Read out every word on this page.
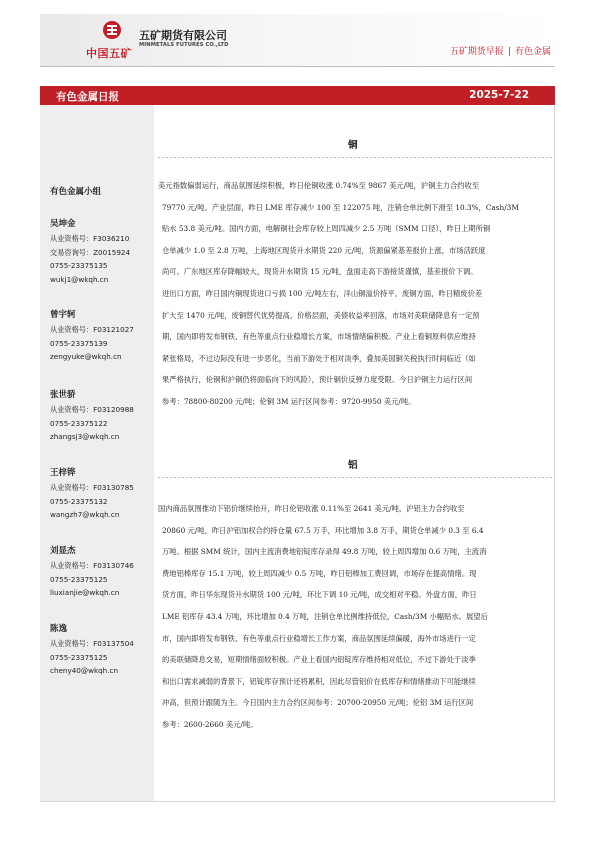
中国五矿
五矿期货有限公司
MINMETALS FUTURES CO.,LTD
五矿期货早报 | 有色金属
有色金属日报	2025-7-22
有色金属小组
吴坤金
从业资格号：F3036210
交易咨询号：Z0015924
0755-23375135
wukj1@wkqh.cn
曾宇轲
从业资格号：F03121027
0755-23375139
zengyuke@wkqh.cn
张世骄
从业资格号：F03120988
0755-23375122
zhangsj3@wkqh.cn
王梓铧
从业资格号：F03130785
0755-23375132
wangzh7@wkqh.cn
刘显杰
从业资格号：F03130746
0755-23375125
liuxianjie@wkqh.cn
陈逸
从业资格号：F03137504
0755-23375125
cheny40@wkqh.cn
铜
美元指数偏弱运行，商品氛围延续积极，昨日伦铜收涨 0.74%至 9867 美元/吨，沪铜主力合约收至
79770 元/吨。产业层面，昨日 LME 库存减少 100 至 122075 吨，注销仓单比例下滑至 10.3%，Cash/3M
贴水 53.8 美元/吨。国内方面，电解铜社会库存较上周四减少 2.5 万吨（SMM 口径），昨日上期所铜
仓单减少 1.0 至 2.8 万吨，上海地区现货升水期货 220 元/吨，货源偏紧基差报价上涨，市场活跃度
尚可。广东地区库存降幅较大，现货升水期货 15 元/吨，盘面走高下游接货谨慎，基差报价下调。
进出口方面，昨日国内铜现货进口亏损 100 元/吨左右，洋山铜溢价持平。废铜方面，昨日精废价差
扩大至 1470 元/吨，废铜替代优势提高。价格层面，美债收益率回落，市场对美联储降息有一定预
期，国内即将发布钢铁、有色等重点行业稳增长方案，市场情绪偏积极。产业上看铜原料供应维持
紧张格局，不过边际没有进一步恶化，当前下游处于相对淡季，叠加美国铜关税执行时间临近（如
果严格执行，伦铜和沪铜仍将面临向下的风险），预计铜价反弹力度受限。今日沪铜主力运行区间
参考：78800-80200 元/吨；伦铜 3M 运行区间参考：9720-9950 美元/吨。
铝
国内商品氛围推动下铝价继续抬升，昨日伦铝收涨 0.11%至 2641 美元/吨，沪铝主力合约收至
20860 元/吨，昨日沪铝加权合约持仓量 67.5 万手，环比增加 3.8 万手，期货仓单减少 0.3 至 6.4
万吨。根据 SMM 统计，国内主流消费地铝锭库存录得 49.8 万吨，较上周四增加 0.6 万吨，主流消
费地铝棒库存 15.1 万吨，较上周四减少 0.5 万吨，昨日铝棒加工费回调，市场存在提高情绪。现
货方面，昨日华东现货升水期货 100 元/吨，环比下调 10 元/吨，成交相对平稳。外盘方面，昨日
LME 铝库存 43.4 万吨，环比增加 0.4 万吨，注销仓单比例维持低位，Cash/3M 小幅贴水。展望后
市，国内即将发布钢铁、有色等重点行业稳增长工作方案，商品氛围延续偏暖，海外市场进行一定
的美联储降息交易，短期情绪面较积极。产业上看国内铝锭库存维持相对低位，不过下游处于淡季
和出口需求减弱的背景下，铝锭库存预计还将累积，因此尽管铝价在低库存和情绪推动下可能继续
冲高，但预计跟随为主。今日国内主力合约区间参考：20700-20950 元/吨；伦铝 3M 运行区间
参考：2600-2660 美元/吨。
